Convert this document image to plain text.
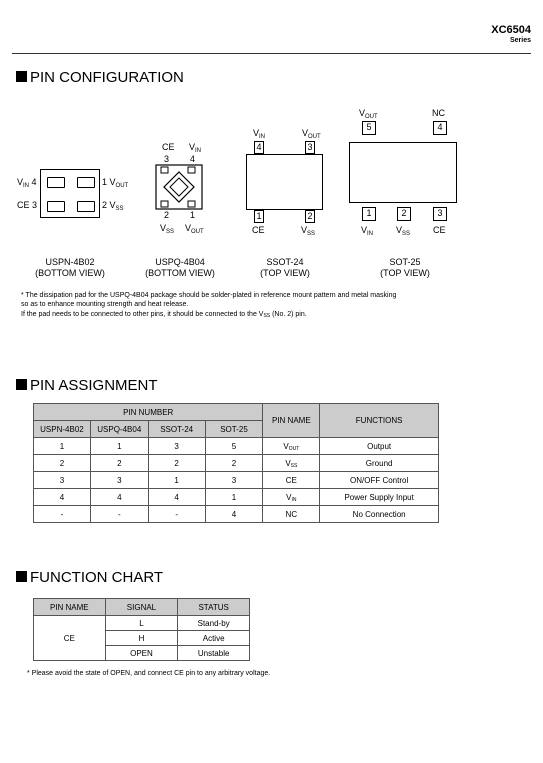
XC6504
Series
PIN CONFIGURATION
$V_{IN}$ 4
CE 3
1 $V_{OUT}$
2 $V_{SS}$
USPN-4B02
(BOTTOM VIEW)
CE $V_{IN}$
3 4
2 1
$V_{SS}$ $V_{OUT}$
USPQ-4B04
(BOTTOM VIEW)
$V_{IN}$	$V_{OUT}$
4	3
1	2
CE	$V_{SS}$
SSOT-24
(TOP VIEW)
$V_{OUT}$	NC
5	4
1	2	3
$V_{IN}$	$V_{SS}$	CE
SOT-25
(TOP VIEW)
* The dissipation pad for the USPQ-4B04 package should be solder-plated in reference mount pattern and metal masking
so as to enhance mounting strength and heat release.
If the pad needs to be connected to other pins, it should be connected to the $V_{SS}$ (No. 2) pin.
PIN ASSIGNMENT
PIN NUMBER				PIN NAME	FUNCTIONS
USPN-4B02	USPQ-4B04	SSOT-24	SOT-25		
1	1	3	5	$V_{OUT}$	Output
2	2	2	2	$V_{SS}$	Ground
3	3	1	3	CE	ON/OFF Control
4	4	4	1	$V_{IN}$	Power Supply Input
-	-	-	4	NC	No Connection
FUNCTION CHART
PIN NAME	SIGNAL	STATUS
CE	L	Stand-by
	H	Active
	OPEN	Unstable
* Please avoid the state of OPEN, and connect CE pin to any arbitrary voltage.
